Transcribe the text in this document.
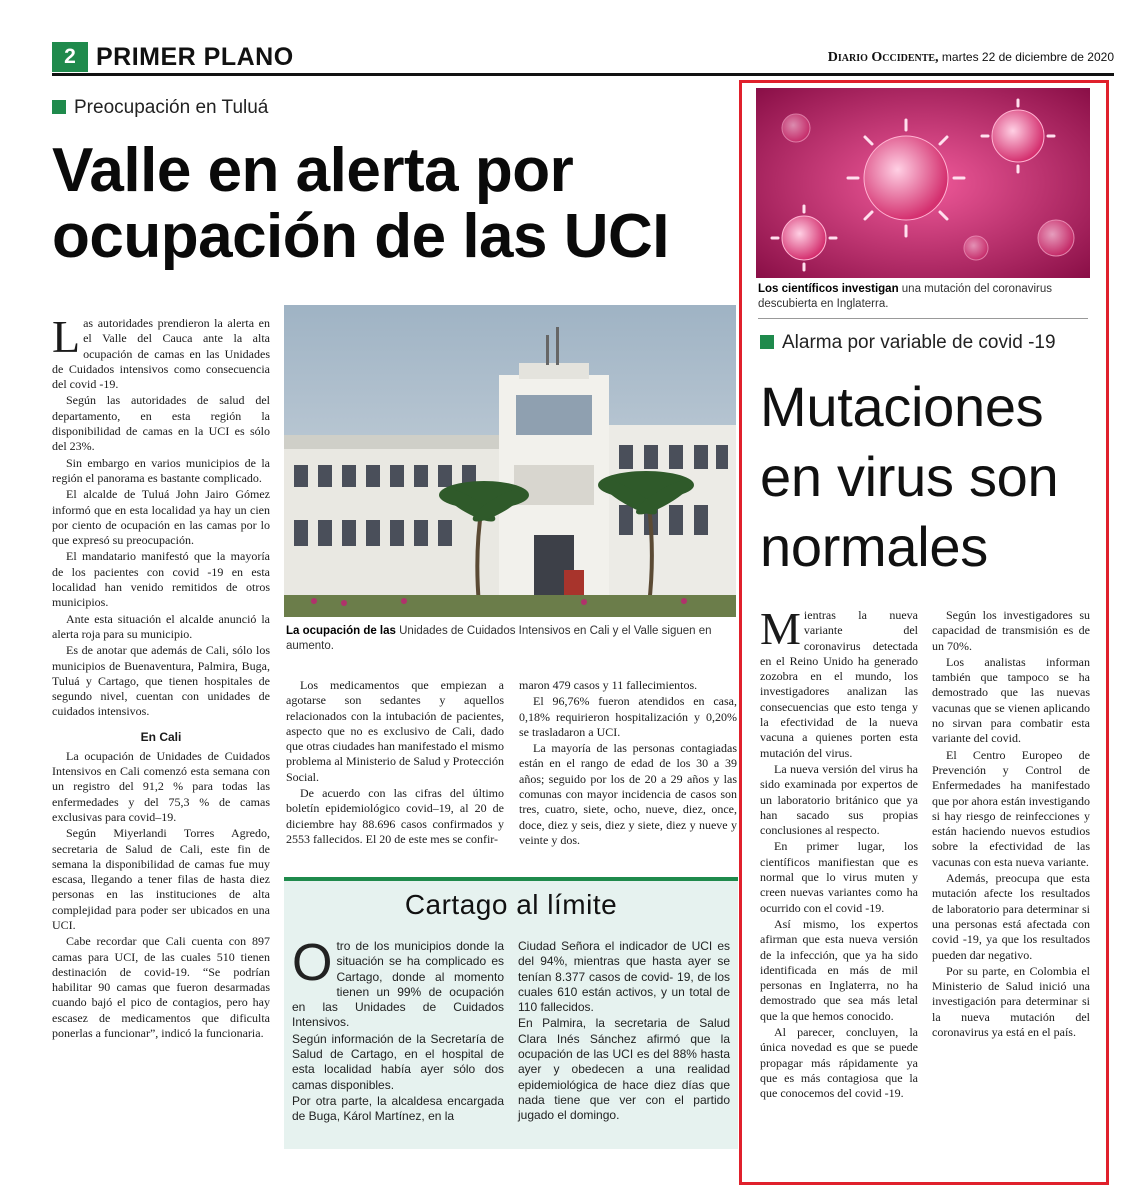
2 PRIMER PLANO	Diario Occidente, martes 22 de diciembre de 2020
Preocupación en Tuluá
Valle en alerta por
ocupación de las UCI

Las autoridades prendieron la alerta en el Valle del Cauca ante la alta ocupación de camas en las Unidades de Cuidados intensivos como consecuencia del covid -19.

Según las autoridades de salud del departamento, en esta región la disponibilidad de camas en la UCI es sólo del 23%.

Sin embargo en varios municipios de la región el panorama es bastante complicado.

El alcalde de Tuluá John Jairo Gómez informó que en esta localidad ya hay un cien por ciento de ocupación en las camas por lo que expresó su preocupación.

El mandatario manifestó que la mayoría de los pacientes con covid -19 en esta localidad han venido remitidos de otros municipios.

Ante esta situación el alcalde anunció la alerta roja para su municipio.

Es de anotar que además de Cali, sólo los municipios de Buenaventura, Palmira, Buga, Tuluá y Cartago, que tienen hospitales de segundo nivel, cuentan con unidades de cuidados intensivos.

En Cali

La ocupación de Unidades de Cuidados Intensivos en Cali comenzó esta semana con un registro del 91,2 % para todas las enfermedades y del 75,3 % de camas exclusivas para covid–19.

Según Miyerlandi Torres Agredo, secretaria de Salud de Cali, este fin de semana la disponibilidad de camas fue muy escasa, llegando a tener filas de hasta diez personas en las instituciones de alta complejidad para poder ser ubicados en una UCI.

Cabe recordar que Cali cuenta con 897 camas para UCI, de las cuales 510 tienen destinación de covid-19. “Se podrían habilitar 90 camas que fueron desarmadas cuando bajó el pico de contagios, pero hay escasez de medicamentos que dificulta ponerlas a funcionar”, indicó la funcionaria.

La ocupación de las Unidades de Cuidados Intensivos en Cali y el Valle siguen en aumento.

Los medicamentos que empiezan a agotarse son sedantes y aquellos relacionados con la intubación de pacientes, aspecto que no es exclusivo de Cali, dado que otras ciudades han manifestado el mismo problema al Ministerio de Salud y Protección Social.

De acuerdo con las cifras del último boletín epidemiológico covid–19, al 20 de diciembre hay 88.696 casos confirmados y 2553 fallecidos. El 20 de este mes se confir-

maron 479 casos y 11 fallecimientos.

El 96,76% fueron atendidos en casa, 0,18% requirieron hospitalización y 0,20% se trasladaron a UCI.

La mayoría de las personas contagiadas están en el rango de edad de los 30 a 39 años; seguido por los de 20 a 29 años y las comunas con mayor incidencia de casos son tres, cuatro, siete, ocho, nueve, diez, once, doce, diez y seis, diez y siete, diez y nueve y veinte y dos.

Cartago al límite

Otro de los municipios donde la situación se ha complicado es Cartago, donde al momento tienen un 99% de ocupación en las Unidades de Cuidados Intensivos.

Según información de la Secretaría de Salud de Cartago, en el hospital de esta localidad había ayer sólo dos camas disponibles.

Por otra parte, la alcaldesa encargada de Buga, Károl Martínez, en la

Ciudad Señora el indicador de UCI es del 94%, mientras que hasta ayer se tenían 8.377 casos de covid- 19, de los cuales 610 están activos, y un total de 110 fallecidos.

En Palmira, la secretaria de Salud Clara Inés Sánchez afirmó que la ocupación de las UCI es del 88% hasta ayer y obedecen a una realidad epidemiológica de hace diez días que nada tiene que ver con el partido jugado el domingo.

Los científicos investigan una mutación del coronavirus descubierta en Inglaterra.
Alarma por variable de covid -19
Mutaciones
en virus son
normales

Mientras la nueva variante del coronavirus detectada en el Reino Unido ha generado zozobra en el mundo, los investigadores analizan las consecuencias que esto tenga y la efectividad de la nueva vacuna a quienes porten esta mutación del virus.

La nueva versión del virus ha sido examinada por expertos de un laboratorio británico que ya han sacado sus propias conclusiones al respecto.

En primer lugar, los científicos manifiestan que es normal que lo virus muten y creen nuevas variantes como ha ocurrido con el covid -19.

Así mismo, los expertos afirman que esta nueva versión de la infección, que ya ha sido identificada en más de mil personas en Inglaterra, no ha demostrado que sea más letal que la que hemos conocido.

Al parecer, concluyen, la única novedad es que se puede propagar más rápidamente ya que es más contagiosa que la que conocemos del covid -19.

Según los investigadores su capacidad de transmisión es de un 70%.

Los analistas informan también que tampoco se ha demostrado que las nuevas vacunas que se vienen aplicando no sirvan para combatir esta variante del covid.

El Centro Europeo de Prevención y Control de Enfermedades ha manifestado que por ahora están investigando si hay riesgo de reinfecciones y están haciendo nuevos estudios sobre la efectividad de las vacunas con esta nueva variante.

Además, preocupa que esta mutación afecte los resultados de laboratorio para determinar si una personas está afectada con covid -19, ya que los resultados pueden dar negativo.

Por su parte, en Colombia el Ministerio de Salud inició una investigación para determinar si la nueva mutación del coronavirus ya está en el país.
